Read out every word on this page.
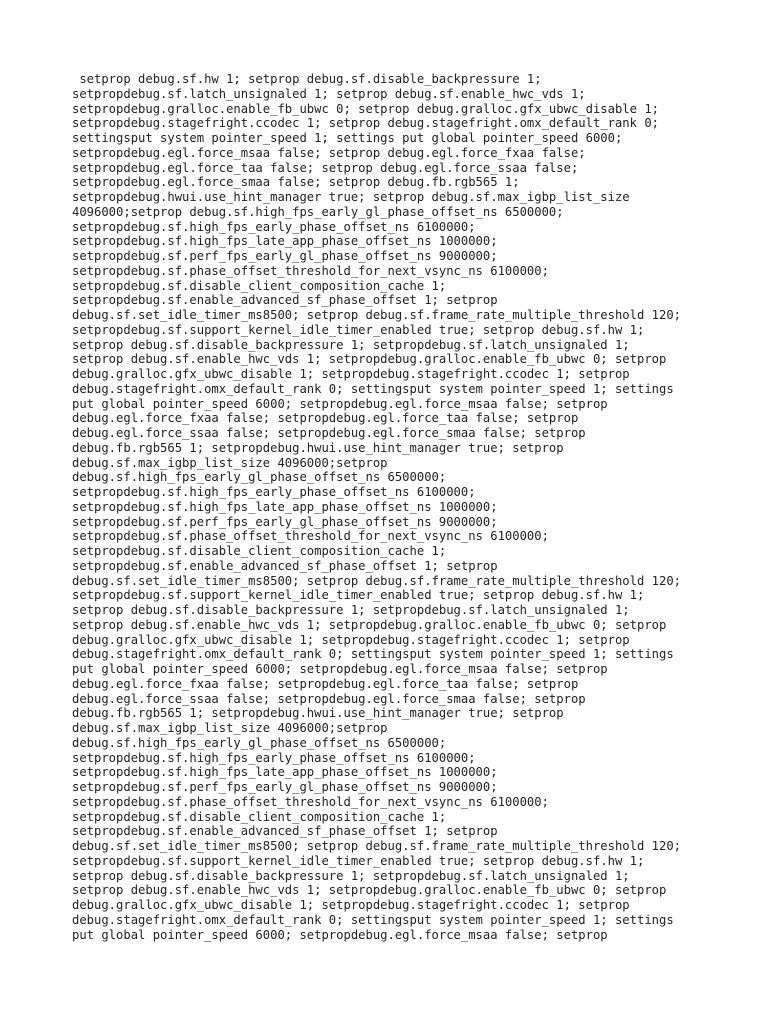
setprop debug.sf.hw 1; setprop debug.sf.disable_backpressure 1;
setpropdebug.sf.latch_unsignaled 1; setprop debug.sf.enable_hwc_vds 1;
setpropdebug.gralloc.enable_fb_ubwc 0; setprop debug.gralloc.gfx_ubwc_disable 1;
setpropdebug.stagefright.ccodec 1; setprop debug.stagefright.omx_default_rank 0;
settingsput system pointer_speed 1; settings put global pointer_speed 6000;
setpropdebug.egl.force_msaa false; setprop debug.egl.force_fxaa false;
setpropdebug.egl.force_taa false; setprop debug.egl.force_ssaa false;
setpropdebug.egl.force_smaa false; setprop debug.fb.rgb565 1;
setpropdebug.hwui.use_hint_manager true; setprop debug.sf.max_igbp_list_size
4096000;setprop debug.sf.high_fps_early_gl_phase_offset_ns 6500000;
setpropdebug.sf.high_fps_early_phase_offset_ns 6100000;
setpropdebug.sf.high_fps_late_app_phase_offset_ns 1000000;
setpropdebug.sf.perf_fps_early_gl_phase_offset_ns 9000000;
setpropdebug.sf.phase_offset_threshold_for_next_vsync_ns 6100000;
setpropdebug.sf.disable_client_composition_cache 1;
setpropdebug.sf.enable_advanced_sf_phase_offset 1; setprop
debug.sf.set_idle_timer_ms8500; setprop debug.sf.frame_rate_multiple_threshold 120;
setpropdebug.sf.support_kernel_idle_timer_enabled true; setprop debug.sf.hw 1;
setprop debug.sf.disable_backpressure 1; setpropdebug.sf.latch_unsignaled 1;
setprop debug.sf.enable_hwc_vds 1; setpropdebug.gralloc.enable_fb_ubwc 0; setprop
debug.gralloc.gfx_ubwc_disable 1; setpropdebug.stagefright.ccodec 1; setprop
debug.stagefright.omx_default_rank 0; settingsput system pointer_speed 1; settings
put global pointer_speed 6000; setpropdebug.egl.force_msaa false; setprop
debug.egl.force_fxaa false; setpropdebug.egl.force_taa false; setprop
debug.egl.force_ssaa false; setpropdebug.egl.force_smaa false; setprop
debug.fb.rgb565 1; setpropdebug.hwui.use_hint_manager true; setprop
debug.sf.max_igbp_list_size 4096000;setprop
debug.sf.high_fps_early_gl_phase_offset_ns 6500000;
setpropdebug.sf.high_fps_early_phase_offset_ns 6100000;
setpropdebug.sf.high_fps_late_app_phase_offset_ns 1000000;
setpropdebug.sf.perf_fps_early_gl_phase_offset_ns 9000000;
setpropdebug.sf.phase_offset_threshold_for_next_vsync_ns 6100000;
setpropdebug.sf.disable_client_composition_cache 1;
setpropdebug.sf.enable_advanced_sf_phase_offset 1; setprop
debug.sf.set_idle_timer_ms8500; setprop debug.sf.frame_rate_multiple_threshold 120;
setpropdebug.sf.support_kernel_idle_timer_enabled true; setprop debug.sf.hw 1;
setprop debug.sf.disable_backpressure 1; setpropdebug.sf.latch_unsignaled 1;
setprop debug.sf.enable_hwc_vds 1; setpropdebug.gralloc.enable_fb_ubwc 0; setprop
debug.gralloc.gfx_ubwc_disable 1; setpropdebug.stagefright.ccodec 1; setprop
debug.stagefright.omx_default_rank 0; settingsput system pointer_speed 1; settings
put global pointer_speed 6000; setpropdebug.egl.force_msaa false; setprop
debug.egl.force_fxaa false; setpropdebug.egl.force_taa false; setprop
debug.egl.force_ssaa false; setpropdebug.egl.force_smaa false; setprop
debug.fb.rgb565 1; setpropdebug.hwui.use_hint_manager true; setprop
debug.sf.max_igbp_list_size 4096000;setprop
debug.sf.high_fps_early_gl_phase_offset_ns 6500000;
setpropdebug.sf.high_fps_early_phase_offset_ns 6100000;
setpropdebug.sf.high_fps_late_app_phase_offset_ns 1000000;
setpropdebug.sf.perf_fps_early_gl_phase_offset_ns 9000000;
setpropdebug.sf.phase_offset_threshold_for_next_vsync_ns 6100000;
setpropdebug.sf.disable_client_composition_cache 1;
setpropdebug.sf.enable_advanced_sf_phase_offset 1; setprop
debug.sf.set_idle_timer_ms8500; setprop debug.sf.frame_rate_multiple_threshold 120;
setpropdebug.sf.support_kernel_idle_timer_enabled true; setprop debug.sf.hw 1;
setprop debug.sf.disable_backpressure 1; setpropdebug.sf.latch_unsignaled 1;
setprop debug.sf.enable_hwc_vds 1; setpropdebug.gralloc.enable_fb_ubwc 0; setprop
debug.gralloc.gfx_ubwc_disable 1; setpropdebug.stagefright.ccodec 1; setprop
debug.stagefright.omx_default_rank 0; settingsput system pointer_speed 1; settings
put global pointer_speed 6000; setpropdebug.egl.force_msaa false; setprop
